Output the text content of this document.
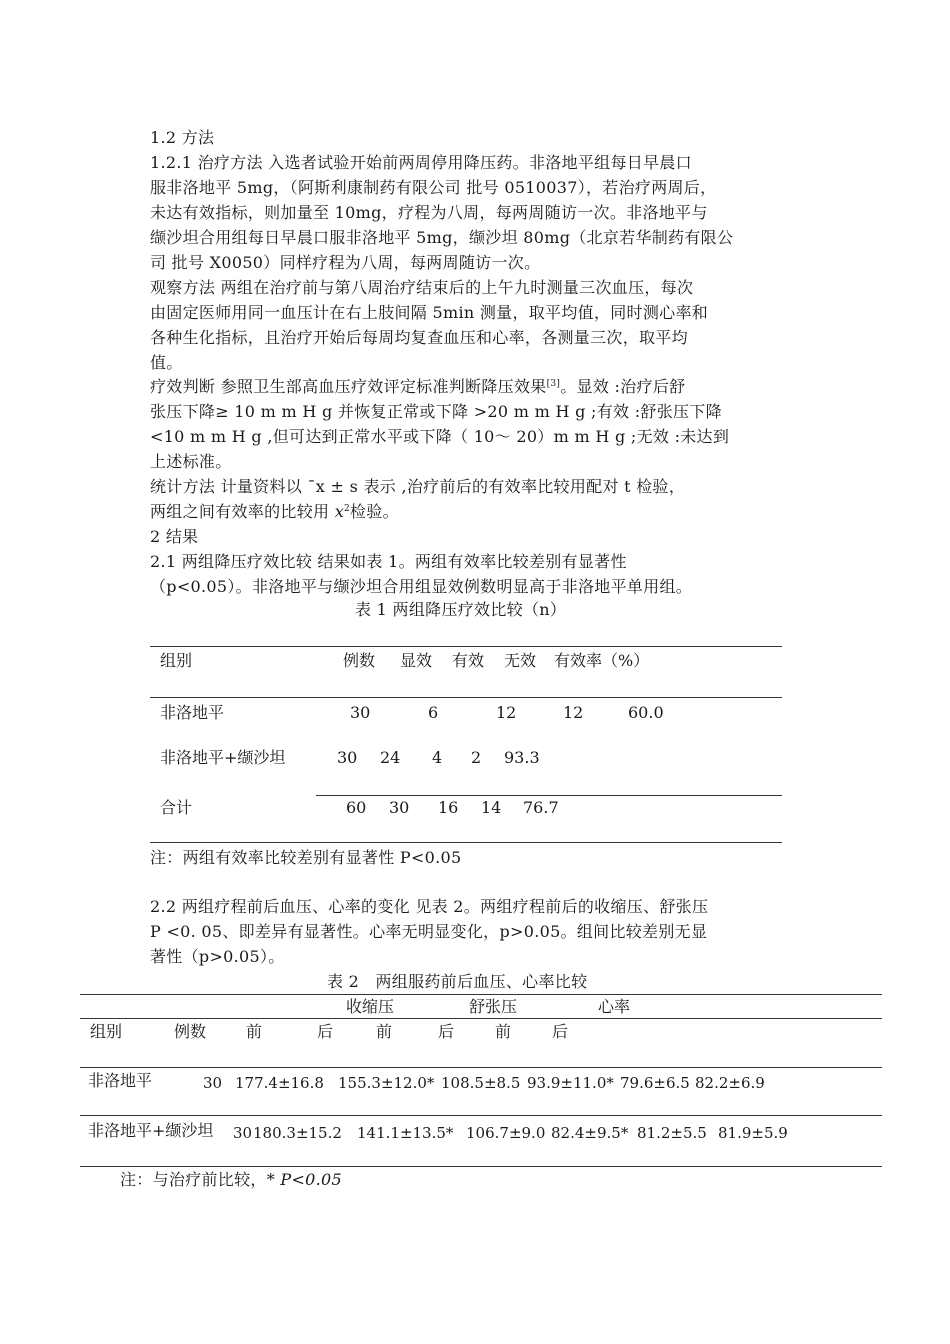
1.2 方法
1.2.1 治疗方法 入选者试验开始前两周停用降压药。非洛地平组每日早晨口
服非洛地平 5mg，（阿斯利康制药有限公司 批号 0510037），若治疗两周后，
未达有效指标，则加量至 10mg，疗程为八周，每两周随访一次。非洛地平与
缬沙坦合用组每日早晨口服非洛地平 5mg，缬沙坦 80mg（北京若华制药有限公
司 批号 X0050）同样疗程为八周，每两周随访一次。
观察方法 两组在治疗前与第八周治疗结束后的上午九时测量三次血压，每次
由固定医师用同一血压计在右上肢间隔 5min 测量，取平均值，同时测心率和
各种生化指标，且治疗开始后每周均复查血压和心率，各测量三次，取平均
值。
疗效判断 参照卫生部高血压疗效评定标准判断降压效果[3]。显效 :治疗后舒
张压下降≥ 10 m m H g 并恢复正常或下降 >20 m m H g ;有效 :舒张压下降
<10 m m H g ,但可达到正常水平或下降（ 10～ 20）m m H g ;无效 :未达到
上述标准。
统计方法 计量资料以 ¯x ± s 表示 ,治疗前后的有效率比较用配对 t 检验，
两组之间有效率的比较用 $x^2$检验。
2 结果
2.1 两组降压疗效比较 结果如表 1。两组有效率比较差别有显著性
（p<0.05）。非洛地平与缬沙坦合用组显效例数明显高于非洛地平单用组。
表 1 两组降压疗效比较（n）
组别	例数 显效 有效 无效 有效率（%）
非洛地平	30	6	12	12	60.0
非洛地平+缬沙坦	30 24 4 2 93.3
合计	60 30 16 14 76.7
注：两组有效率比较差别有显著性 P<0.05
2.2 两组疗程前后血压、心率的变化 见表 2。两组疗程前后的收缩压、舒张压
P <0. 05、即差异有显著性。心率无明显变化，p>0.05。组间比较差别无显
著性（p>0.05）。
表 2　两组服药前后血压、心率比较
收缩压	舒张压	心率
组别	例数 前	后	前	后	前	后
非洛地平	30 177.4±16.8 155.3±12.0* 108.5±8.5 93.9±11.0* 79.6±6.5 82.2±6.9
非洛地平+缬沙坦 30 180.3±15.2 141.1±13.5* 106.7±9.0 82.4±9.5* 81.2±5.5 81.9±5.9
注：与治疗前比较，* P<0.05
